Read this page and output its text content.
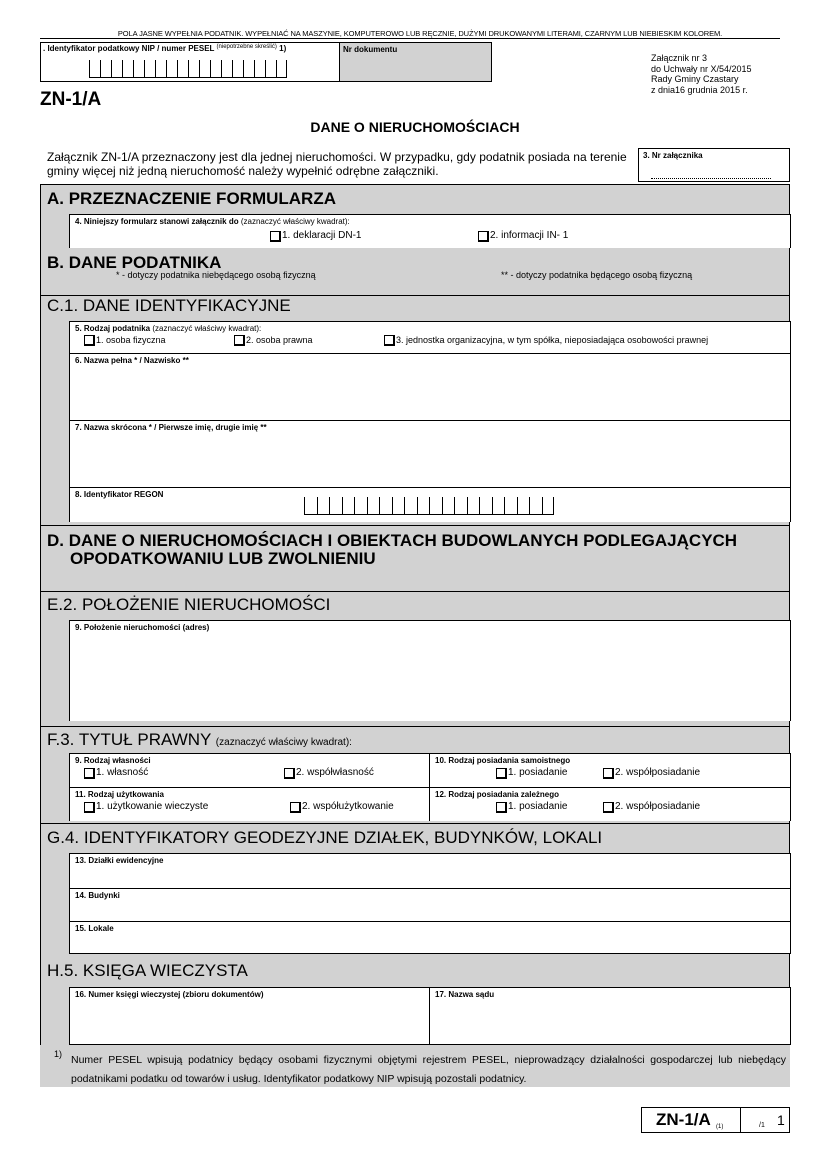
POLA JASNE WYPEŁNIA PODATNIK. WYPEŁNIAĆ NA MASZYNIE, KOMPUTEROWO LUB RĘCZNIE, DUŻYMI DRUKOWANYMI LITERAMI, CZARNYM LUB NIEBIESKIM KOLOREM.
. Identyfikator podatkowy NIP / numer PESEL $^{(niepotrzebne skreślić)}$ 1)	Nr dokumentu
Załącznik nr 3
do Uchwały nr X/54/2015
Rady Gminy Czastary
z dnia16 grudnia 2015 r.
ZN-1/A
DANE O NIERUCHOMOŚCIACH
Załącznik ZN-1/A przeznaczony jest dla jednej nieruchomości. W przypadku, gdy podatnik posiada na terenie gminy więcej niż jedną nieruchomość należy wypełnić odrębne załączniki.
3. Nr załącznika
A. PRZEZNACZENIE FORMULARZA
4. Niniejszy formularz stanowi załącznik do (zaznaczyć właściwy kwadrat):
1. deklaracji DN-1	2. informacji IN- 1
B. DANE PODATNIKA
* - dotyczy podatnika niebędącego osobą fizyczną	** - dotyczy podatnika będącego osobą fizyczną
C.1. DANE IDENTYFIKACYJNE
5. Rodzaj podatnika (zaznaczyć właściwy kwadrat):
1. osoba fizyczna	2. osoba prawna	3. jednostka organizacyjna, w tym spółka, nieposiadająca osobowości prawnej
6. Nazwa pełna * / Nazwisko **
7. Nazwa skrócona * / Pierwsze imię, drugie imię **
8. Identyfikator REGON
D. DANE O NIERUCHOMOŚCIACH I OBIEKTACH BUDOWLANYCH PODLEGAJĄCYCH
OPODATKOWANIU LUB ZWOLNIENIU
E.2. POŁOŻENIE NIERUCHOMOŚCI
9. Położenie nieruchomości (adres)
F.3. TYTUŁ PRAWNY (zaznaczyć właściwy kwadrat):
9. Rodzaj własności
1. własność	2. współwłasność
10. Rodzaj posiadania samoistnego
1. posiadanie	2. współposiadanie
11. Rodzaj użytkowania
1. użytkowanie wieczyste	2. współużytkowanie
12. Rodzaj posiadania zależnego
1. posiadanie	2. współposiadanie
G.4. IDENTYFIKATORY GEODEZYJNE DZIAŁEK, BUDYNKÓW, LOKALI
13. Działki ewidencyjne
14. Budynki
15. Lokale
H.5. KSIĘGA WIECZYSTA
16. Numer księgi wieczystej (zbioru dokumentów)	17. Nazwa sądu
1) Numer PESEL wpisują podatnicy będący osobami fizycznymi objętymi rejestrem PESEL, nieprowadzący działalności gospodarczej lub niebędący podatnikami podatku od towarów i usług. Identyfikator podatkowy NIP wpisują pozostali podatnicy.
ZN-1/A (1)	1
$_{/1}$
